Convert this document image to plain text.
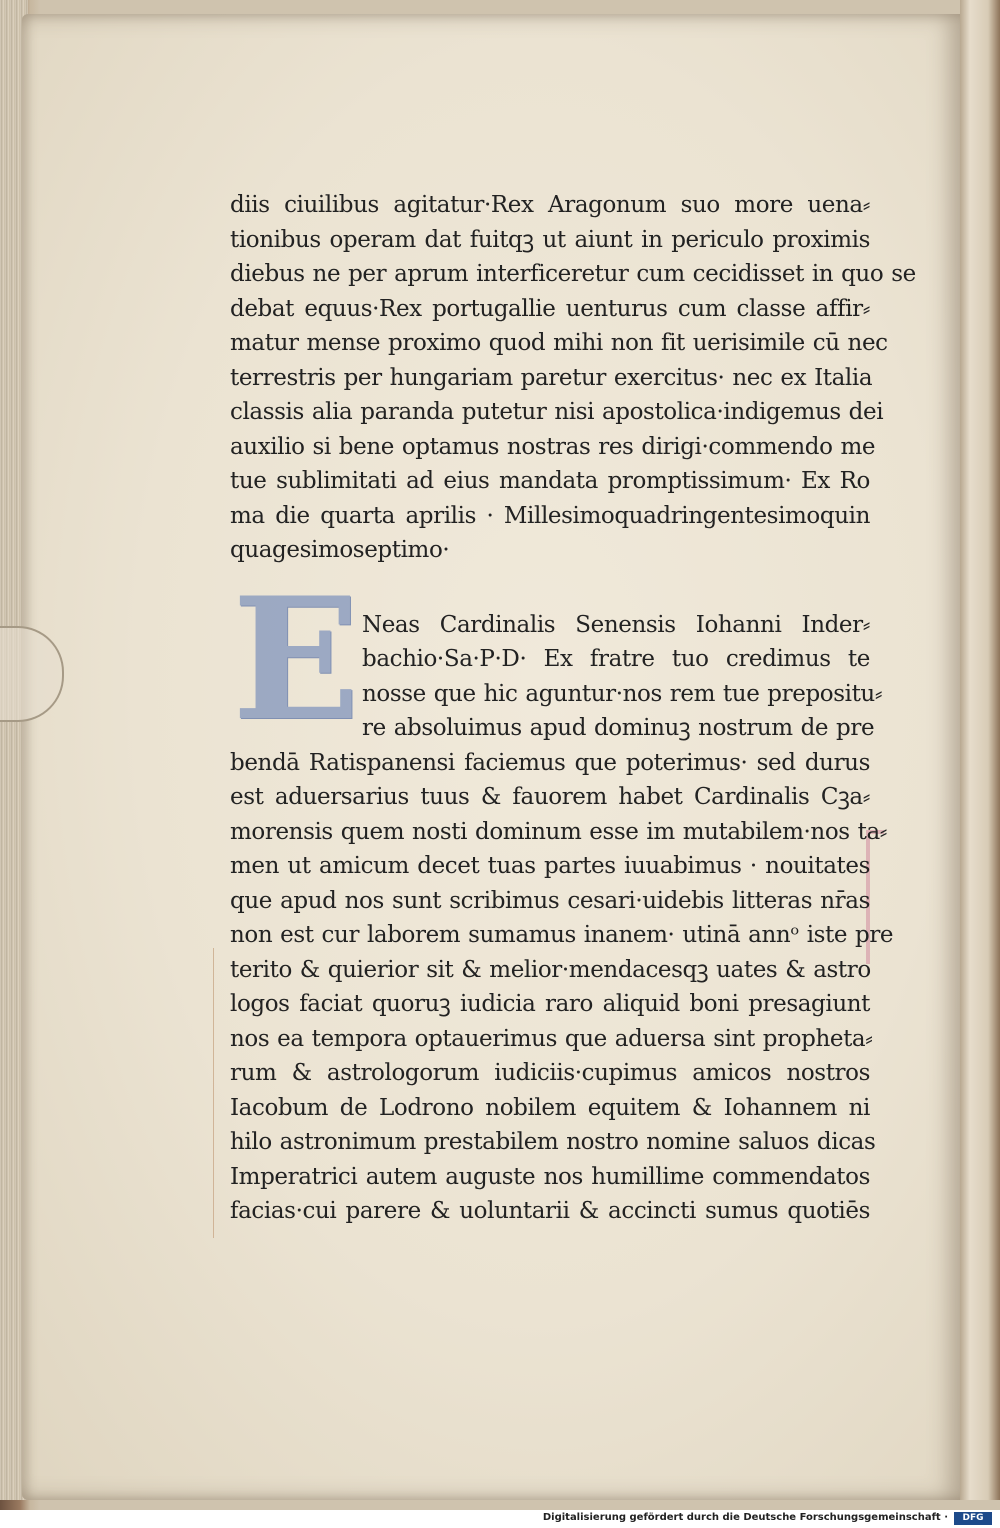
E
diis ciuilibus agitatur·Rex Aragonum suo more uena⸗
tionibus operam dat fuitqꝫ ut aiunt in periculo proximis
diebus ne per aprum interficeretur cum cecidisset in quo se
debat equus·Rex portugallie uenturus cum classe affir⸗
matur mense proximo quod mihi non fit uerisimile cū nec
terrestris per hungariam paretur exercitus· nec ex Italia
classis alia paranda putetur nisi apostolica·indigemus dei
auxilio si bene optamus nostras res dirigi·commendo me
tue sublimitati ad eius mandata promptissimum· Ex Ro
ma die quarta aprilis · Millesimoquadringentesimoquin
quagesimoseptimo·
Neas Cardinalis Senensis Iohanni Inder⸗
bachio·Sa·P·D· Ex fratre tuo credimus te
nosse que hic aguntur·nos rem tue prepositu⸗
re absoluimus apud dominuꝫ nostrum de pre
bendā Ratispanensi faciemus que poterimus· sed durus
est aduersarius tuus & fauorem habet Cardinalis Cꝫa⸗
morensis quem nosti dominum esse im mutabilem·nos ta⸗
men ut amicum decet tuas partes iuuabimus · nouitates
que apud nos sunt scribimus cesari·uidebis litteras nr̄as
non est cur laborem sumamus inanem· utinā annᵒ iste pre
terito & quierior sit & melior·mendacesqꝫ uates & astro
logos faciat quoruꝫ iudicia raro aliquid boni presagiunt
nos ea tempora optauerimus que aduersa sint propheta⸗
rum & astrologorum iudiciis·cupimus amicos nostros
Iacobum de Lodrono nobilem equitem & Iohannem ni
hilo astronimum prestabilem nostro nomine saluos dicas
Imperatrici autem auguste nos humillime commendatos
facias·cui parere & uoluntarii & accincti sumus quotiēs
Digitalisierung gefördert durch die Deutsche Forschungsgemeinschaft ·	DFG
